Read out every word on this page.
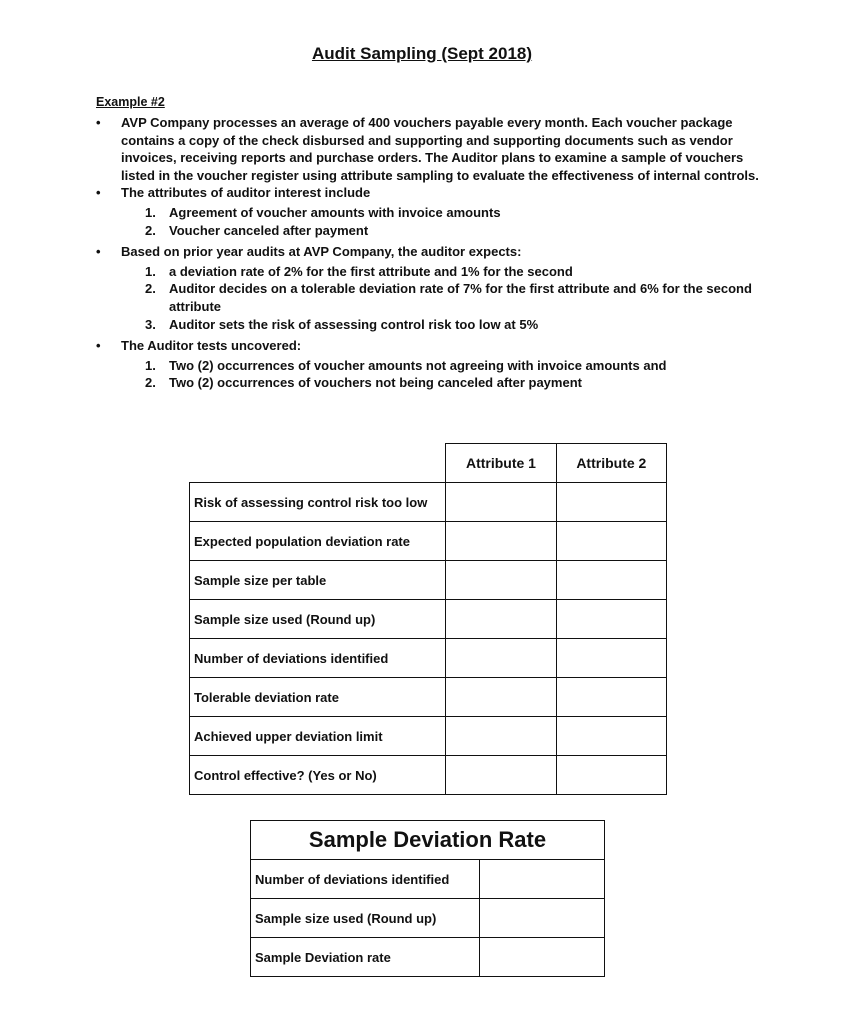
Audit Sampling (Sept 2018)
Example #2
• AVP Company processes an average of 400 vouchers payable every month. Each voucher package contains a copy of the check disbursed and supporting and supporting documents such as vendor invoices, receiving reports and purchase orders. The Auditor plans to examine a sample of vouchers listed in the voucher register using attribute sampling to evaluate the effectiveness of internal controls.
• The attributes of auditor interest include
1. Agreement of voucher amounts with invoice amounts
2. Voucher canceled after payment
• Based on prior year audits at AVP Company, the auditor expects:
1. a deviation rate of 2% for the first attribute and 1% for the second
2. Auditor decides on a tolerable deviation rate of 7% for the first attribute and 6% for the second attribute
3. Auditor sets the risk of assessing control risk too low at 5%
• The Auditor tests uncovered:
1. Two (2) occurrences of voucher amounts not agreeing with invoice amounts and
2. Two (2) occurrences of vouchers not being canceled after payment
	Attribute 1	Attribute 2
Risk of assessing control risk too low		
Expected population deviation rate		
Sample size per table		
Sample size used (Round up)		
Number of deviations identified		
Tolerable deviation rate		
Achieved upper deviation limit		
Control effective? (Yes or No)		
Sample Deviation Rate	
Number of deviations identified	
Sample size used (Round up)	
Sample Deviation rate	
